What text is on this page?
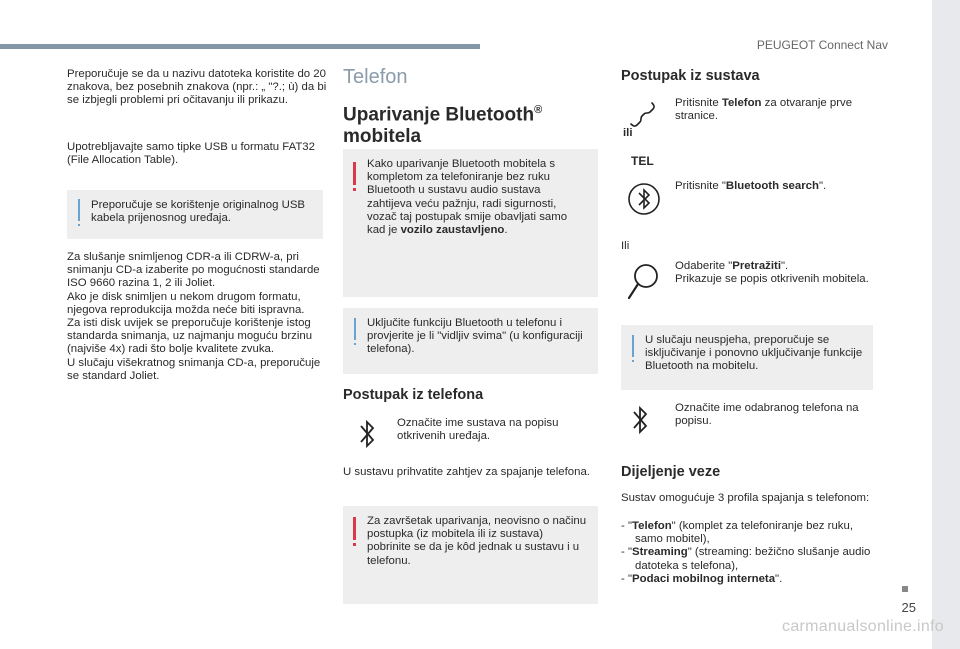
PEUGEOT Connect Nav
25
carmanualsonline.info
Preporučuje se da u nazivu datoteka koristite do 20 znakova, bez posebnih znakova (npr.: „ "?.; ù) da bi se izbjegli problemi pri očitavanju ili prikazu.
Upotrebljavajte samo tipke USB u formatu FAT32 (File Allocation Table).
Preporučuje se korištenje originalnog USB kabela prijenosnog uređaja.
Za slušanje snimljenog CDR-a ili CDRW-a, pri snimanju CD-a izaberite po mogućnosti standarde ISO 9660 razina 1, 2 ili Joliet.
Ako je disk snimljen u nekom drugom formatu, njegova reprodukcija možda neće biti ispravna.
Za isti disk uvijek se preporučuje korištenje istog standarda snimanja, uz najmanju moguću brzinu (najviše 4x) radi što bolje kvalitete zvuka.
U slučaju višekratnog snimanja CD-a, preporučuje se standard Joliet.
Telefon
Uparivanje Bluetooth®
mobitela
Kako uparivanje Bluetooth mobitela s kompletom za telefoniranje bez ruku Bluetooth u sustavu audio sustava zahtijeva veću pažnju, radi sigurnosti, vozač taj postupak smije obavljati samo kad je vozilo zaustavljeno.
Uključite funkciju Bluetooth u telefonu i provjerite je li "vidljiv svima" (u konfiguraciji telefona).
Postupak iz telefona
Označite ime sustava na popisu otkrivenih uređaja.
U sustavu prihvatite zahtjev za spajanje telefona.
Za završetak uparivanja, neovisno o načinu postupka (iz mobitela ili iz sustava) pobrinite se da je kôd jednak u sustavu i u telefonu.
Postupak iz sustava
Pritisnite Telefon za otvaranje prve stranice.
ili
TEL
Pritisnite "Bluetooth search".
Ili
Odaberite "Pretražiti".
Prikazuje se popis otkrivenih mobitela.
U slučaju neuspjeha, preporučuje se isključivanje i ponovno uključivanje funkcije Bluetooth na mobitelu.
Označite ime odabranog telefona na popisu.
Dijeljenje veze
Sustav omogućuje 3 profila spajanja s telefonom:
- "Telefon" (komplet za telefoniranje bez ruku, samo mobitel),
- "Streaming" (streaming: bežično slušanje audio datoteka s telefona),
- "Podaci mobilnog interneta".
